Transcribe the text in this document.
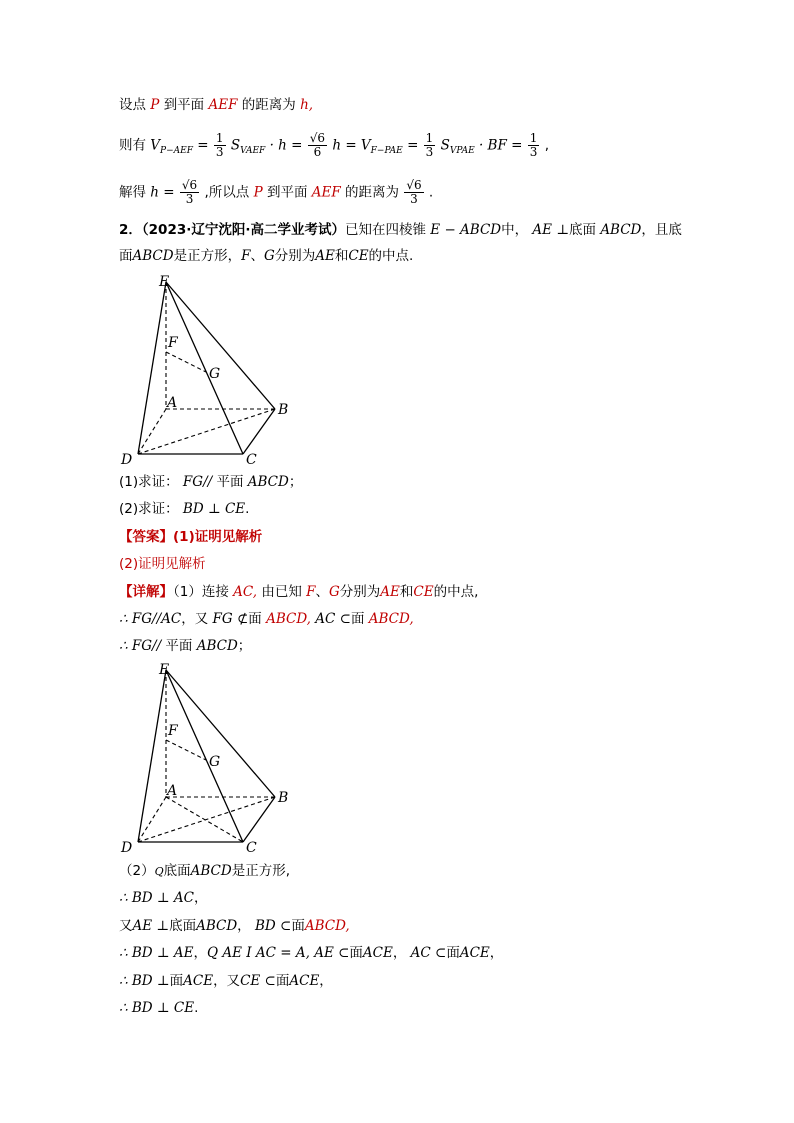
设点 P 到平面 AEF 的距离为 h,
则有 $V_{P-AEF} = \frac{1}{3} S_{VAEF} \cdot h = \frac{√6}{6}$ $h = V_{F-PAE} = \frac{1}{3} S_{VPAE}$ · BF = $\frac{1}{3}$ ,
解得 $h = \frac{√6}{3}$ ,所以点 P 到平面 AEF 的距离为 $\frac{√6}{3}$ .
2．（2023·辽宁沈阳·高二学业考试）已知在四棱锥 E − ABCD中， AE ⊥底面 ABCD，且底
面ABCD是正方形，F、G分别为AE和CE的中点.
E
F
G
A	B
C
D
(1)求证： FG// 平面 ABCD；
(2)求证： BD ⊥ CE.
【答案】(1)证明见解析
(2)证明见解析
【详解】（1）连接 AC, 由已知 F、G分别为AE和CE的中点,
∴ FG//AC，又 FG ⊄面 ABCD, AC ⊂面 ABCD,
∴ FG// 平面 ABCD；
E
F
G
A	B
C
D
（2）Q底面ABCD是正方形,
∴ BD ⊥ AC，
又AE ⊥底面ABCD， BD ⊂面ABCD,
∴ BD ⊥ AE，Q AE I AC = A, AE ⊂面ACE， AC ⊂面ACE，
∴ BD ⊥面ACE，又CE ⊂面ACE，
∴ BD ⊥ CE.
